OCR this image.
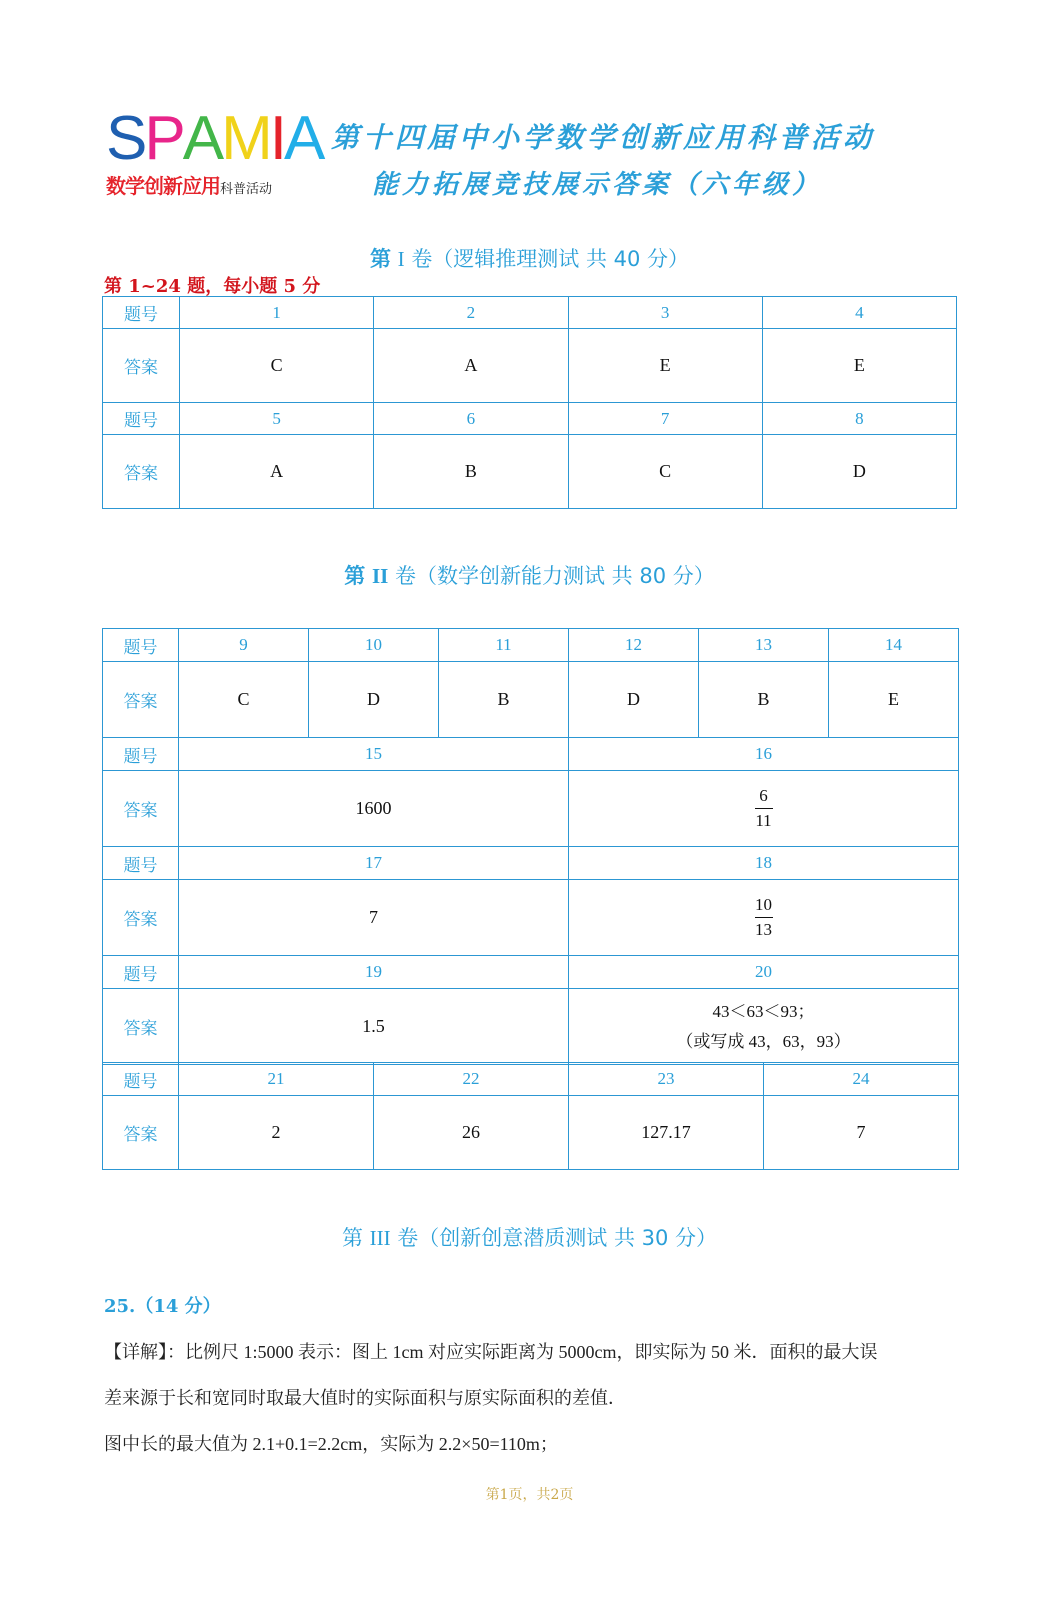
SPAMIA
数学创新应用科普活动
第十四届中小学数学创新应用科普活动
能力拓展竞技展示答案（六年级）
第 I 卷（逻辑推理测试 共 40 分）
第 1~24 题，每小题 5 分
题号	1	2	3	4
答案	C	A	E	E
题号	5	6	7	8
答案	A	B	C	D
第 II 卷（数学创新能力测试 共 80 分）
题号	9	10	11	12	13	14
答案	C	D	B	D	B	E
题号	15			16		
答案	1600			$\frac{6}{11}$

题号	17			18		
答案	7			$\frac{10}{13}$

题号	19			20		
答案	1.5			43＜63＜93；
（或写成 43，63，93）		
题号	21	22	23	24
答案	2	26	127.17	7
第 III 卷（创新创意潜质测试 共 30 分）
25.（14 分）
【详解】：比例尺 1:5000 表示：图上 1cm 对应实际距离为 5000cm，即实际为 50 米．面积的最大误
差来源于长和宽同时取最大值时的实际面积与原实际面积的差值．
图中长的最大值为 2.1+0.1=2.2cm，实际为 2.2×50=110m；
第1页，共2页
